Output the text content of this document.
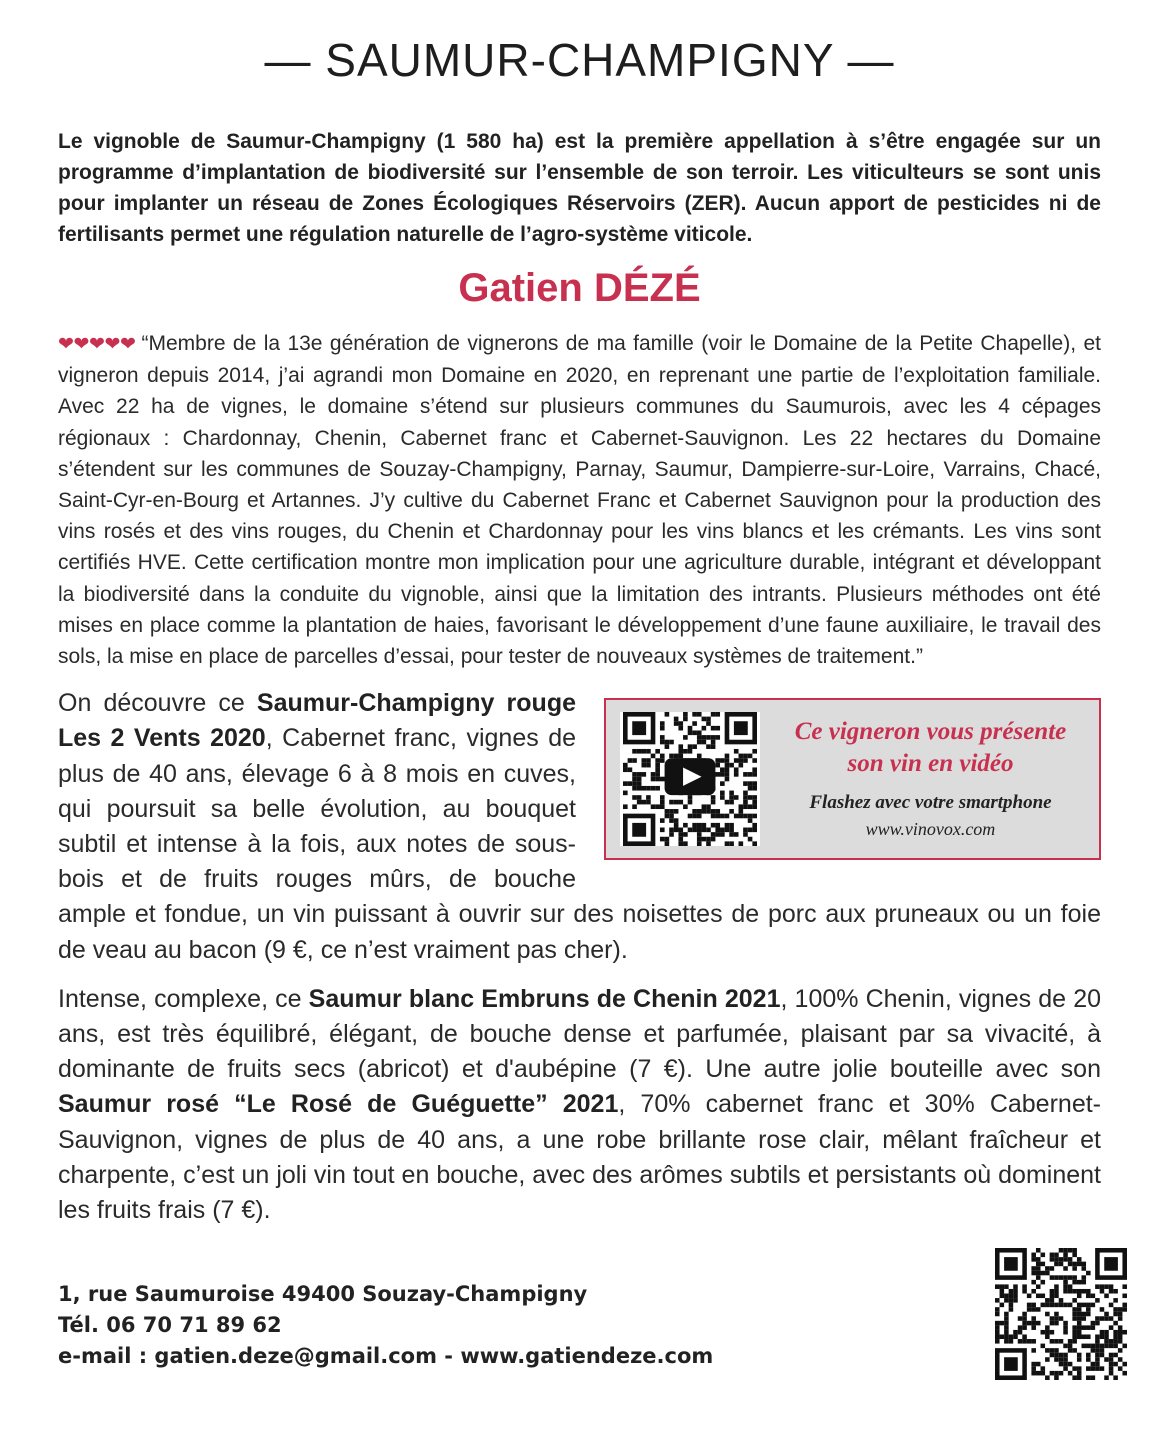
— SAUMUR-CHAMPIGNY —
Le vignoble de Saumur-Champigny (1 580 ha) est la première appellation à s’être engagée sur un programme d’implantation de biodiversité sur l’ensemble de son terroir. Les viticulteurs se sont unis pour implanter un réseau de Zones Écologiques Réservoirs (ZER). Aucun apport de pesticides ni de fertilisants permet une régulation naturelle de l’agro-système viticole.
Gatien DÉZÉ
❤❤❤❤❤ “Membre de la 13e génération de vignerons de ma famille (voir le Domaine de la Petite Chapelle), et vigneron depuis 2014, j’ai agrandi mon Domaine en 2020, en reprenant une partie de l’exploitation familiale. Avec 22 ha de vignes, le domaine s’étend sur plusieurs communes du Saumurois, avec les 4 cépages régionaux : Chardonnay, Chenin, Cabernet franc et Cabernet-Sauvignon. Les 22 hectares du Domaine s’étendent sur les communes de Souzay-Champigny, Parnay, Saumur, Dampierre-sur-Loire, Varrains, Chacé, Saint-Cyr-en-Bourg et Artannes. J’y cultive du Cabernet Franc et Cabernet Sauvignon pour la production des vins rosés et des vins rouges, du Chenin et Chardonnay pour les vins blancs et les crémants. Les vins sont certifiés HVE. Cette certification montre mon implication pour une agriculture durable, intégrant et développant la biodiversité dans la conduite du vignoble, ainsi que la limitation des intrants. Plusieurs méthodes ont été mises en place comme la plantation de haies, favorisant le développement d’une faune auxiliaire, le travail des sols, la mise en place de parcelles d’essai, pour tester de nouveaux systèmes de traitement.”
Ce vigneron vous présente
son vin en vidéo
Flashez avec votre smartphone
www.vinovox.com

On découvre ce Saumur-Champigny rouge Les 2 Vents 2020, Cabernet franc, vignes de plus de 40 ans, élevage 6 à 8 mois en cuves, qui poursuit sa belle évolution, au bouquet subtil et intense à la fois, aux notes de sous-bois et de fruits rouges mûrs, de bouche ample et fondue, un vin puissant à ouvrir sur des noisettes de porc aux pruneaux ou un foie de veau au bacon (9 €, ce n’est vraiment pas cher).

Intense, complexe, ce Saumur blanc Embruns de Chenin 2021, 100% Chenin, vignes de 20 ans, est très équilibré, élégant, de bouche dense et parfumée, plaisant par sa vivacité, à dominante de fruits secs (abricot) et d'aubépine (7 €). Une autre jolie bouteille avec son Saumur rosé “Le Rosé de Guéguette” 2021, 70% cabernet franc et 30% Cabernet-Sauvignon, vignes de plus de 40 ans, a une robe brillante rose clair, mêlant fraîcheur et charpente, c’est un joli vin tout en bouche, avec des arômes subtils et persistants où dominent les fruits frais (7 €).

1, rue Saumuroise 49400 Souzay-Champigny
Tél. 06 70 71 89 62
e-mail : gatien.deze@gmail.com - www.gatiendeze.com
